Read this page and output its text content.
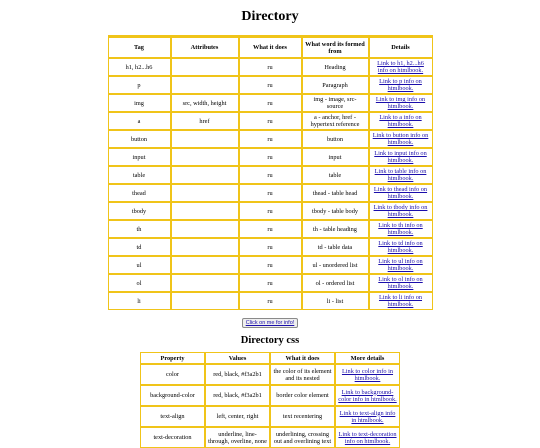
Directory
Tag	Attributes	What it does	What word its formed from	Details
h1, h2...h6		ru	Heading	Link to h1, h2...h6 info on htmlbook.
p		ru	Paragraph	Link to p info on htmlbook.
img	src, width, height	ru	img - image, src- source	Link to img info on htmlbook.
a	href	ru	a - anchor, href - hypertext reference	Link to a info on htmlbook.
button		ru	button	Link to button info on htmlbook.
input		ru	input	Link to input info on htmlbook.
table		ru	table	Link to table info on htmlbook.
thead		ru	thead - table head	Link to thead info on htmlbook.
tbody		ru	tbody - table body	Link to tbody info on htmlbook.
th		ru	th - table heading	Link to th info on htmlbook.
td		ru	td - table data	Link to td info on htmlbook.
ul		ru	ul - unordered list	Link to ul info on htmlbook.
ol		ru	ol - ordered list	Link to ol info on htmlbook.
li		ru	li - list	Link to li info on htmlbook.
Click on me for info!
Directory css
Property	Values	What it does	More details
color	red, black, #f3a2b1	the color of its element and its nested	Link to color info in htmlbook.
background-color	red, black, #f3a2b1	border color element	Link to background-color info in htmlbook.
text-align	left, center, right	text recentering	Link to text-align info in htmlbook.
text-decoration	underline, line-through, overline, none	underlining, crossing out and overlining text	Link to text-decoration info on htmlbook.
